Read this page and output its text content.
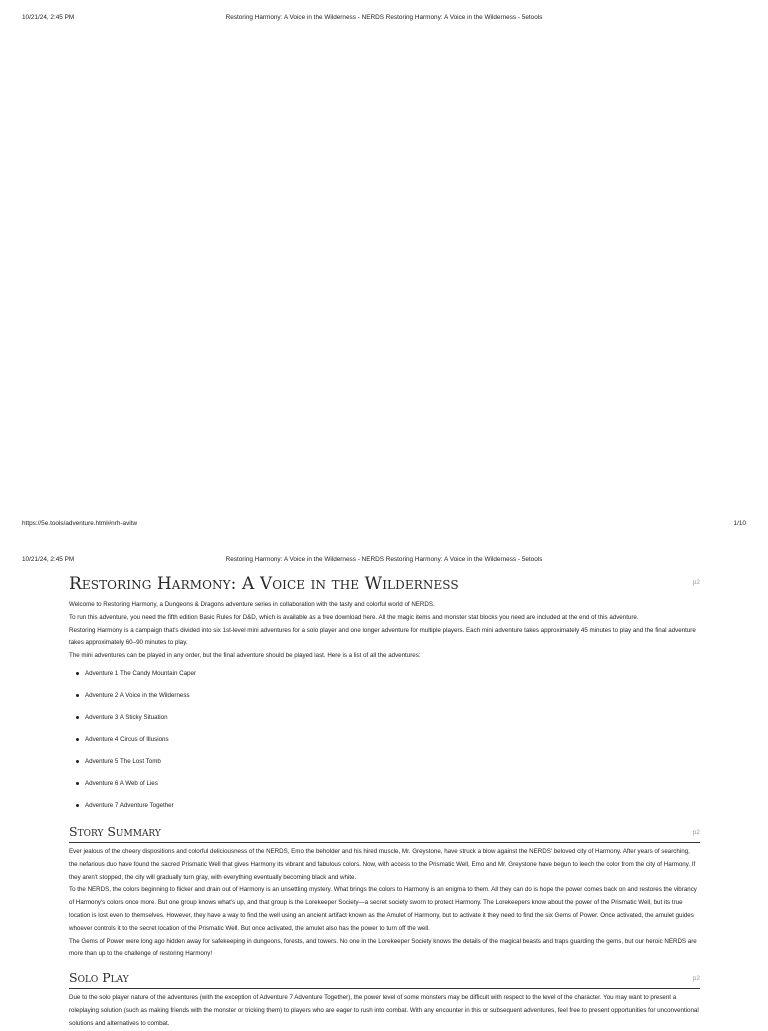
10/21/24, 2:45 PM	Restoring Harmony: A Voice in the Wilderness - NERDS Restoring Harmony: A Voice in the Wilderness - 5etools
https://5e.tools/adventure.html#nrh-avitw	1/10
10/21/24, 2:45 PM	Restoring Harmony: A Voice in the Wilderness - NERDS Restoring Harmony: A Voice in the Wilderness - 5etools
Restoring Harmony: A Voice in the Wilderness	p2

Welcome to Restoring Harmony, a Dungeons & Dragons adventure series in collaboration with the tasty and colorful world of NERDS.

To run this adventure, you need the fifth edition Basic Rules for D&D, which is available as a free download here. All the magic items and monster stat blocks you need are included at the end of this adventure.

Restoring Harmony is a campaign that's divided into six 1st-level mini adventures for a solo player and one longer adventure for multiple players. Each mini adventure takes approximately 45 minutes to play and the final adventure takes approximately 60–90 minutes to play.

The mini adventures can be played in any order, but the final adventure should be played last. Here is a list of all the adventures:

Adventure 1 The Candy Mountain Caper
Adventure 2 A Voice in the Wilderness
Adventure 3 A Sticky Situation
Adventure 4 Circus of Illusions
Adventure 5 The Lost Tomb
Adventure 6 A Web of Lies
Adventure 7 Adventure Together
Story Summary	p2

Ever jealous of the cheery dispositions and colorful deliciousness of the NERDS, Emo the beholder and his hired muscle, Mr. Greystone, have struck a blow against the NERDS' beloved city of Harmony. After years of searching, the nefarious duo have found the sacred Prismatic Well that gives Harmony its vibrant and fabulous colors. Now, with access to the Prismatic Well, Emo and Mr. Greystone have begun to leech the color from the city of Harmony. If they aren't stopped, the city will gradually turn gray, with everything eventually becoming black and white.

To the NERDS, the colors beginning to flicker and drain out of Harmony is an unsettling mystery. What brings the colors to Harmony is an enigma to them. All they can do is hope the power comes back on and restores the vibrancy of Harmony's colors once more. But one group knows what's up, and that group is the Lorekeeper Society—a secret society sworn to protect Harmony. The Lorekeepers know about the power of the Prismatic Well, but its true location is lost even to themselves. However, they have a way to find the well using an ancient artifact known as the Amulet of Harmony, but to activate it they need to find the six Gems of Power. Once activated, the amulet guides whoever controls it to the secret location of the Prismatic Well. But once activated, the amulet also has the power to turn off the well.

The Gems of Power were long ago hidden away for safekeeping in dungeons, forests, and towers. No one in the Lorekeeper Society knows the details of the magical beasts and traps guarding the gems, but our heroic NERDS are more than up to the challenge of restoring Harmony!

Solo Play	p2

Due to the solo player nature of the adventures (with the exception of Adventure 7 Adventure Together), the power level of some monsters may be difficult with respect to the level of the character. You may want to present a roleplaying solution (such as making friends with the monster or tricking them) to players who are eager to rush into combat. With any encounter in this or subsequent adventures, feel free to present opportunities for unconventional solutions and alternatives to combat.
